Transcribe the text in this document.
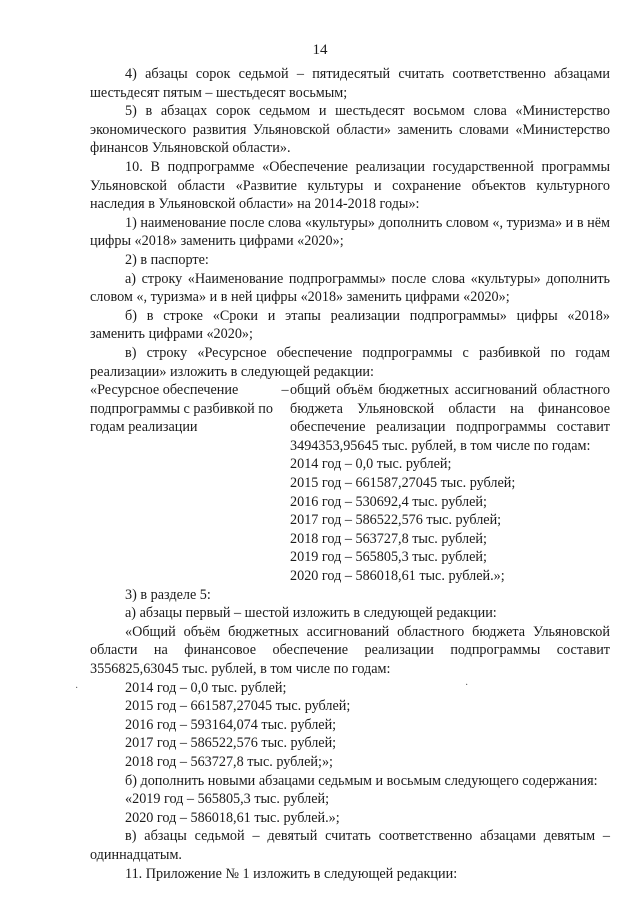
14

4) абзацы сорок седьмой – пятидесятый считать соответственно абзацами шестьдесят пятым – шестьдесят восьмым;

5) в абзацах сорок седьмом и шестьдесят восьмом слова «Министерство экономического развития Ульяновской области» заменить словами «Министерство финансов Ульяновской области».

10. В подпрограмме «Обеспечение реализации государственной программы Ульяновской области «Развитие культуры и сохранение объектов культурного наследия в Ульяновской области» на 2014-2018 годы»:

1) наименование после слова «культуры» дополнить словом «, туризма» и в нём цифры «2018» заменить цифрами «2020»;

2) в паспорте:

а) строку «Наименование подпрограммы» после слова «культуры» дополнить словом «, туризма» и в ней цифры «2018» заменить цифрами «2020»;

б) в строке «Сроки и этапы реализации подпрограммы» цифры «2018» заменить цифрами «2020»;

в) строку «Ресурсное обеспечение подпрограммы с разбивкой по годам реализации» изложить в следующей редакции:

«Ресурсное обеспечение подпрограммы с разбивкой по годам реализации
– общий объём бюджетных ассигнований областного бюджета Ульяновской области на финансовое обеспечение реализации подпрограммы составит 3494353,95645 тыс. рублей, в том числе по годам:

2014 год – 0,0 тыс. рублей;
2015 год – 661587,27045 тыс. рублей;
2016 год – 530692,4 тыс. рублей;
2017 год – 586522,576 тыс. рублей;
2018 год – 563727,8 тыс. рублей;
2019 год – 565805,3 тыс. рублей;
2020 год – 586018,61 тыс. рублей.»;

3) в разделе 5:

а) абзацы первый – шестой изложить в следующей редакции:

«Общий объём бюджетных ассигнований областного бюджета Ульяновской области на финансовое обеспечение реализации подпрограммы составит 3556825,63045 тыс. рублей, в том числе по годам:

2014 год – 0,0 тыс. рублей;
2015 год – 661587,27045 тыс. рублей;
2016 год – 593164,074 тыс. рублей;
2017 год – 586522,576 тыс. рублей;
2018 год – 563727,8 тыс. рублей;»;

б) дополнить новыми абзацами седьмым и восьмым следующего содержания:

«2019 год – 565805,3 тыс. рублей;
2020 год – 586018,61 тыс. рублей.»;

в) абзацы седьмой – девятый считать соответственно абзацами девятым – одиннадцатым.

11. Приложение № 1 изложить в следующей редакции:

·	·
